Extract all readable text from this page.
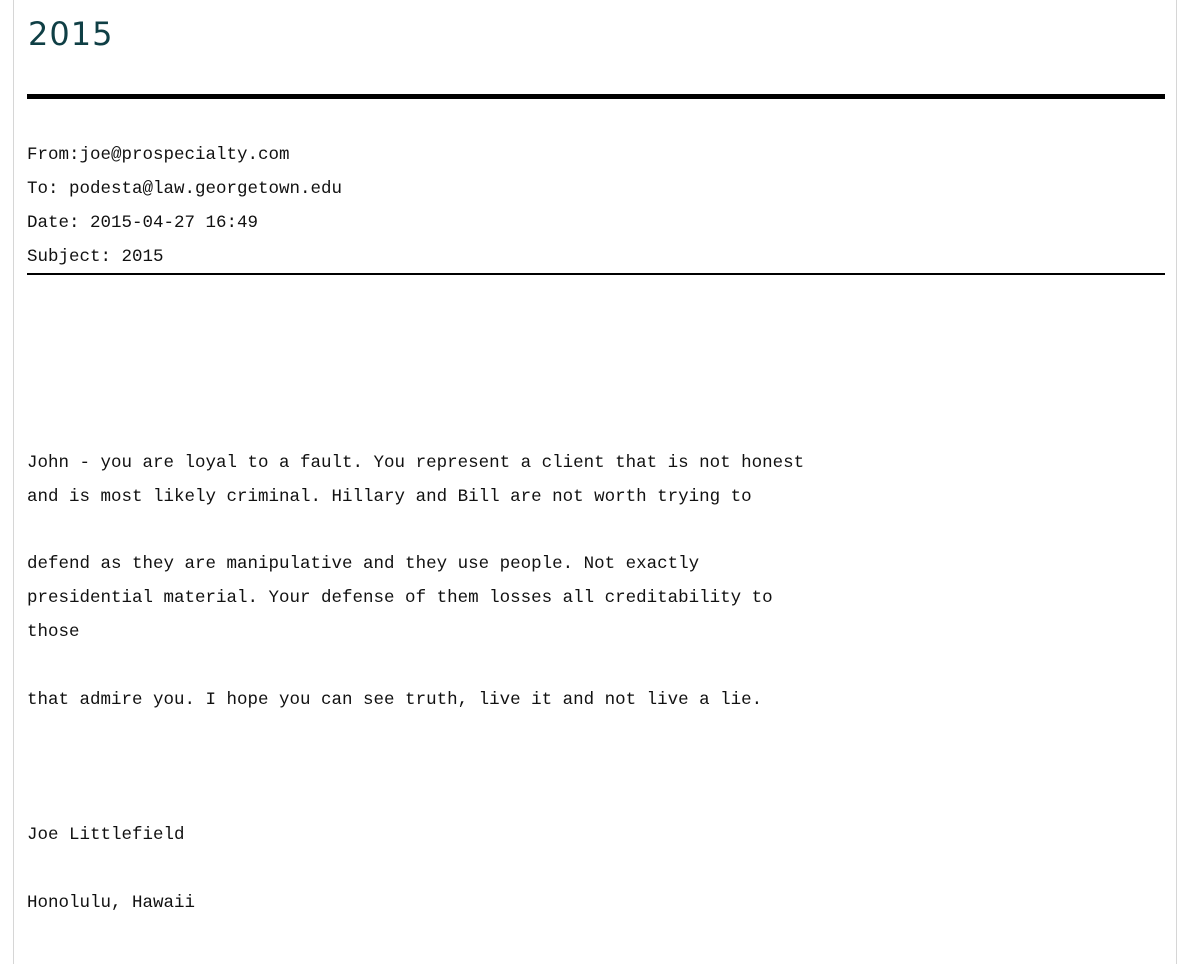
2015
From:joe@prospecialty.com
To: podesta@law.georgetown.edu
Date: 2015-04-27 16:49
Subject: 2015
John - you are loyal to a fault. You represent a client that is not honest
and is most likely criminal. Hillary and Bill are not worth trying to
defend as they are manipulative and they use people. Not exactly
presidential material. Your defense of them losses all creditability to
those
that admire you. I hope you can see truth, live it and not live a lie.
Joe Littlefield
Honolulu, Hawaii
